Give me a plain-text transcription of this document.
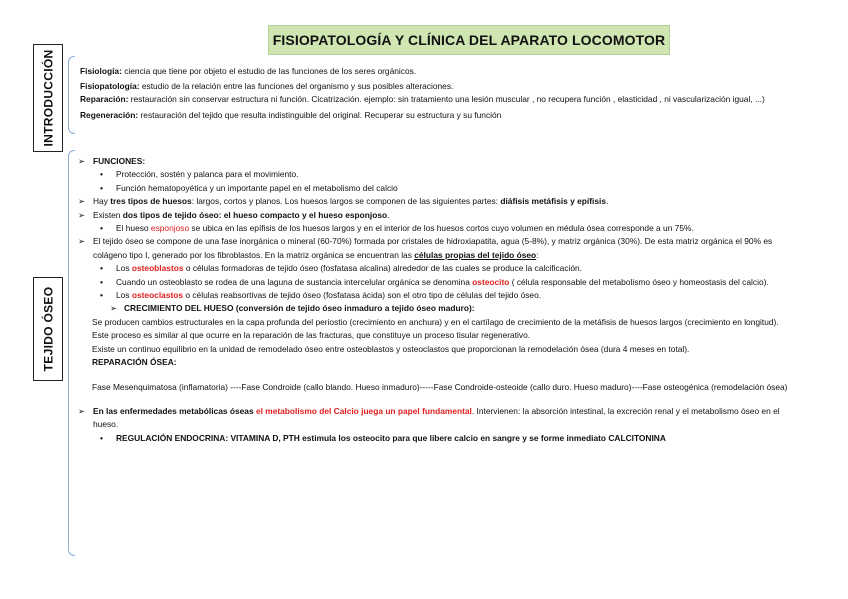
FISIOPATOLOGÍA Y CLÍNICA DEL APARATO LOCOMOTOR
INTRODUCCIÓN
TEJIDO ÓSEO

Fisiología: ciencia que tiene por objeto el estudio de las funciones de los seres orgánicos.

Fisiopatología: estudio de la relación entre las funciones del organismo y sus posibles alteraciones.

Reparación: restauración sin conservar estructura ni función. Cicatrización. ejemplo: sin tratamiento una lesión muscular , no recupera función , elasticidad , ni vascularización igual, ...)

Regeneración: restauración del tejido que resulta indistinguible del original. Recuperar su estructura y su función

➢ FUNCIONES:
• Protección, sostén y palanca para el movimiento.
• Función hematopoyética y un importante papel en el metabolismo del calcio
➢ Hay tres tipos de huesos: largos, cortos y planos. Los huesos largos se componen de las siguientes partes: diáfisis metáfisis y epífisis.
➢ Existen dos tipos de tejido óseo: el hueso compacto y el hueso esponjoso.
• El hueso esponjoso se ubica en las epífisis de los huesos largos y en el interior de los huesos cortos cuyo volumen en médula ósea corresponde a un 75%.
➢ El tejido óseo se compone de una fase inorgánica o mineral (60-70%) formada por cristales de hidroxiapatita, agua (5-8%), y matriz orgánica (30%). De esta matriz orgánica el 90% es colágeno tipo I, generado por los fibroblastos. En la matriz orgánica se encuentran las células propias del tejido óseo:
• Los osteoblastos o células formadoras de tejido óseo (fosfatasa alcalina) alrededor de las cuales se produce la calcificación.
• Cuando un osteoblasto se rodea de una laguna de sustancia intercelular orgánica se denomina osteocito ( célula responsable del metabolismo óseo y homeostasis del calcio).
• Los osteoclastos o células reabsortivas de tejido óseo (fosfatasa ácida) son el otro tipo de células del tejido óseo.
➢ CRECIMIENTO DEL HUESO (conversión de tejido óseo inmaduro a tejido óseo maduro):
Se producen cambios estructurales en la capa profunda del periostio (crecimiento en anchura) y en el cartílago de crecimiento de la metáfisis de huesos largos (crecimiento en longitud).
Este proceso es similar al que ocurre en la reparación de las fracturas, que constituye un proceso tisular regenerativo.
Existe un continuo equilibrio en la unidad de remodelado óseo entre osteoblastos y osteoclastos que proporcionan la remodelación ósea (dura 4 meses en total).
REPARACIÓN ÓSEA:
Fase Mesenquimatosa (inflamatoria) ----Fase Condroide (callo blando. Hueso inmaduro)-----Fase Condroide-osteoide (callo duro. Hueso maduro)----Fase osteogénica (remodelación ósea)
➢ En las enfermedades metabólicas óseas el metabolismo del Calcio juega un papel fundamental. Intervienen: la absorción intestinal, la excreción renal y el metabolismo óseo en el hueso.
• REGULACIÓN ENDOCRINA: VITAMINA D, PTH estimula los osteocito para que libere calcio en sangre y se forme inmediato CALCITONINA
